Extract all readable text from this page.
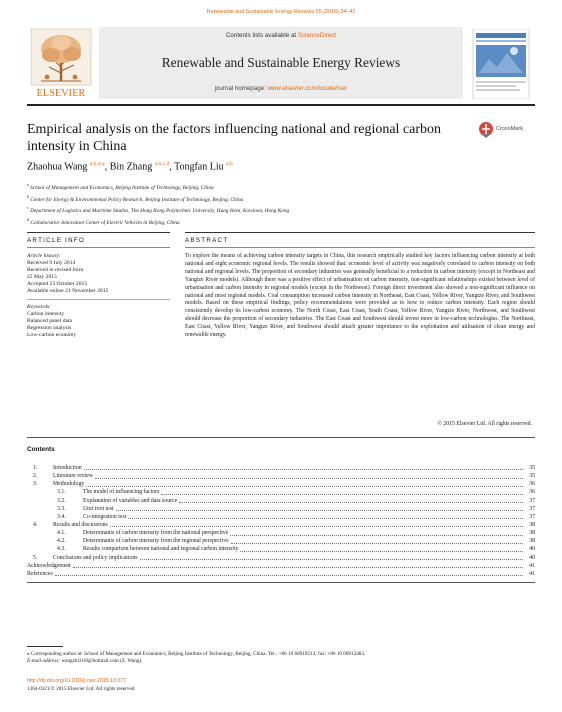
Renewable and Sustainable Energy Reviews 55 (2016) 34–42
ELSEVIER
Contents lists available at ScienceDirect
Renewable and Sustainable Energy Reviews
journal homepage: www.elsevier.com/locate/rser
Empirical analysis on the factors influencing national and regional carbon intensity in China
CrossMark
Zhaohua Wang $^{a,b,d,⁎}$, Bin Zhang $^{a,b,c,d}$, Tongfan Liu $^{a,b}$
$^a$ School of Management and Economics, Beijing Institute of Technology, Beijing, China
$^b$ Center for Energy & Environmental Policy Research, Beijing Institute of Technology, Beijing, China
$^c$ Department of Logistics and Maritime Studies, The Hong Kong Polytechnic University, Hung Hom, Kowloon, Hong Kong
$^d$ Collaborative Innovation Center of Electric Vehicles in Beijing, China
ARTICLE INFO	ABSTRACT
Article history:
Received 9 July 2014
Received in revised form
22 May 2015
Accepted 23 October 2015
Available online 21 November 2015
Keywords:
Carbon intensity
Balanced panel data
Regression analysis
Low-carbon economy
To explore the means of achieving carbon intensity targets in China, this research empirically studied key factors influencing carbon intensity at both national and eight economic regional levels. The results showed that: economic level of activity was negatively correlated to carbon intensity on both national and regional levels. The proportion of secondary industries was generally beneficial to a reduction in carbon intensity (except in Northeast and Yangtze River models). Although there was a positive effect of urbanisation on carbon intensity, non-significant relationships existed between level of urbanisation and carbon intensity in regional models (except in the Northwest). Foreign direct investment also showed a non-significant influence on national and most regional models. Coal consumption increased carbon intensity in Northeast, East Coast, Yellow River, Yangtze River, and Southwest models. Based on these empirical findings, policy recommendations were provided as to how to reduce carbon intensity. Each region should consistently develop its low-carbon economy. The North Coast, East Coast, South Coast, Yellow River, Yangtze River, Northwest, and Southwest should decrease the proportion of secondary industries. The East Coast and Southwest should invest more in low-carbon technologies. The Northeast, East Coast, Yellow River, Yangtze River, and Southwest should attach greater importance to the exploitation and utilisation of clean energy and renewable energy.
© 2015 Elsevier Ltd. All rights reserved.
Contents
1.	Introduction	35
2.	Literature review	35
3.	Methodology	36
3.1.	The model of influencing factors	36
3.2.	Explanation of variables and data source	37
3.3.	Unit root test	37
3.4.	Co-integration test	37
4.	Results and discussions	38
4.1.	Determinants of carbon intensity from the national perspective	38
4.2.	Determinants of carbon intensity from the regional perspective	38
4.3.	Results comparison between national and regional carbon intensity	40
5.	Conclusions and policy implications	40
Acknowledgement	41
References	41
⁎ Corresponding author at: School of Management and Economics, Beijing Institute of Technology, Beijing, China. Tel.: +86 10 68918213; fax: +86 10 68912483.
E-mail address: wangzh1018@hotmail.com (Z. Wang).
http://dx.doi.org/10.1016/j.rser.2015.10.077
1364-0321/© 2015 Elsevier Ltd. All rights reserved.
